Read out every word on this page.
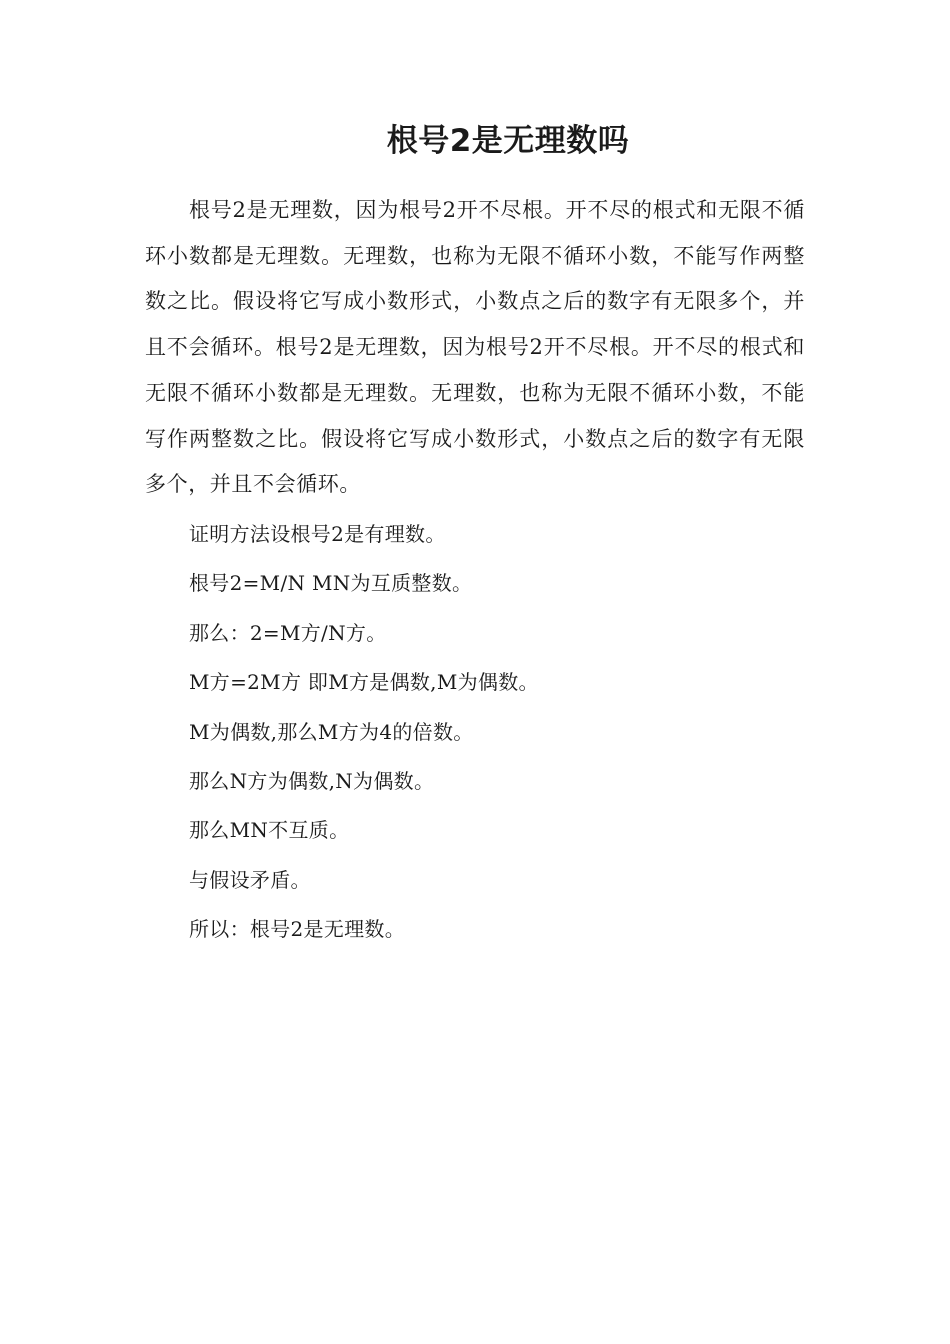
根号2是无理数吗

根号2是无理数，因为根号2开不尽根。开不尽的根式和无限不循环小数都是无理数。无理数，也称为无限不循环小数，不能写作两整数之比。假设将它写成小数形式，小数点之后的数字有无限多个，并且不会循环。根号2是无理数，因为根号2开不尽根。开不尽的根式和无限不循环小数都是无理数。无理数，也称为无限不循环小数，不能写作两整数之比。假设将它写成小数形式，小数点之后的数字有无限多个，并且不会循环。

证明方法设根号2是有理数。

根号2=M/N MN为互质整数。

那么：2=M方/N方。

M方=2M方 即M方是偶数,M为偶数。

M为偶数,那么M方为4的倍数。

那么N方为偶数,N为偶数。

那么MN不互质。

与假设矛盾。

所以：根号2是无理数。
